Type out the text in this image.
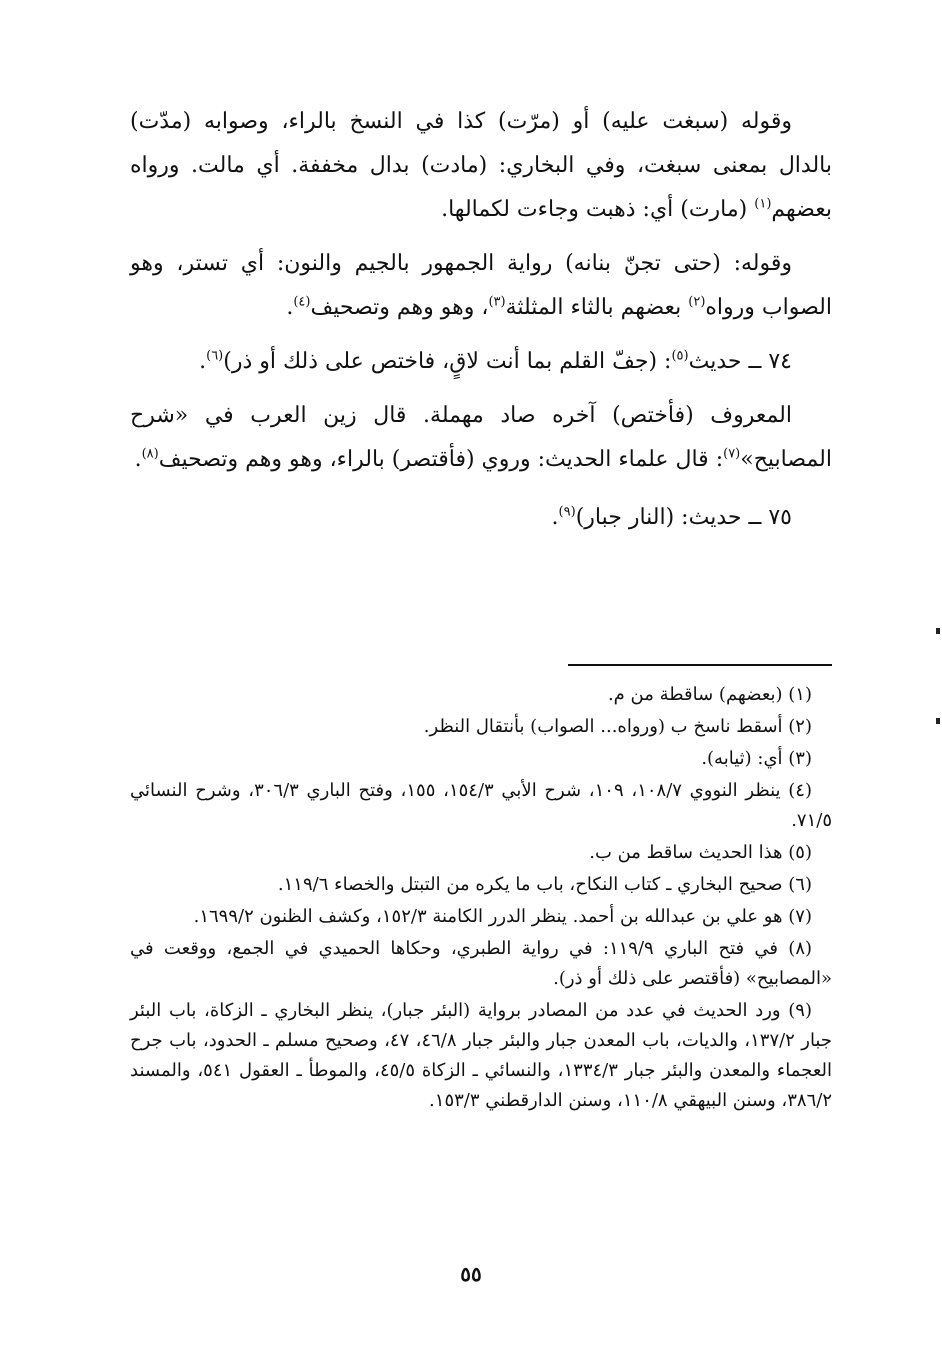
وقوله (سبغت عليه) أو (مرّت) كذا في النسخ بالراء، وصوابه (مدّت) بالدال بمعنى سبغت، وفي البخاري: (مادت) بدال مخففة. أي مالت. ورواه بعضهم$^{(١)}$ (مارت) أي: ذهبت وجاءت لكمالها.

وقوله: (حتى تجنّ بنانه) رواية الجمهور بالجيم والنون: أي تستر، وهو الصواب ورواه$^{(٢)}$ بعضهم بالثاء المثلثة$^{(٣)}$، وهو وهم وتصحيف$^{(٤)}$.

٧٤ ــ حديث$^{(٥)}$: (جفّ القلم بما أنت لاقٍ، فاختص على ذلك أو ذر)$^{(٦)}$.

المعروف (فأختص) آخره صاد مهملة. قال زين العرب في «شرح المصابيح»$^{(٧)}$: قال علماء الحديث: وروي (فأقتصر) بالراء، وهو وهم وتصحيف$^{(٨)}$.

٧٥ ــ حديث: (النار جبار)$^{(٩)}$.

(١) (بعضهم) ساقطة من م.

(٢) أسقط ناسخ ب (ورواه... الصواب) بأنتقال النظر.

(٣) أي: (ثيابه).

(٤) ينظر النووي ١٠٨/٧، ١٠٩، شرح الأبي ١٥٤/٣، ١٥٥، وفتح الباري ٣٠٦/٣، وشرح النسائي ٧١/٥.

(٥) هذا الحديث ساقط من ب.

(٦) صحيح البخاري ـ كتاب النكاح، باب ما يكره من التبتل والخصاء ١١٩/٦.

(٧) هو علي بن عبدالله بن أحمد. ينظر الدرر الكامنة ١٥٢/٣، وكشف الظنون ١٦٩٩/٢.

(٨) في فتح الباري ١١٩/٩: في رواية الطبري، وحكاها الحميدي في الجمع، ووقعت في «المصابيح» (فأقتصر على ذلك أو ذر).

(٩) ورد الحديث في عدد من المصادر برواية (البئر جبار)، ينظر البخاري ـ الزكاة، باب البئر جبار ١٣٧/٢، والديات، باب المعدن جبار والبئر جبار ٤٦/٨، ٤٧، وصحيح مسلم ـ الحدود، باب جرح العجماء والمعدن والبئر جبار ١٣٣٤/٣، والنسائي ـ الزكاة ٤٥/٥، والموطأ ـ العقول ٥٤١، والمسند ٣٨٦/٢، وسنن البيهقي ١١٠/٨، وسنن الدارقطني ١٥٣/٣.

٥٥
